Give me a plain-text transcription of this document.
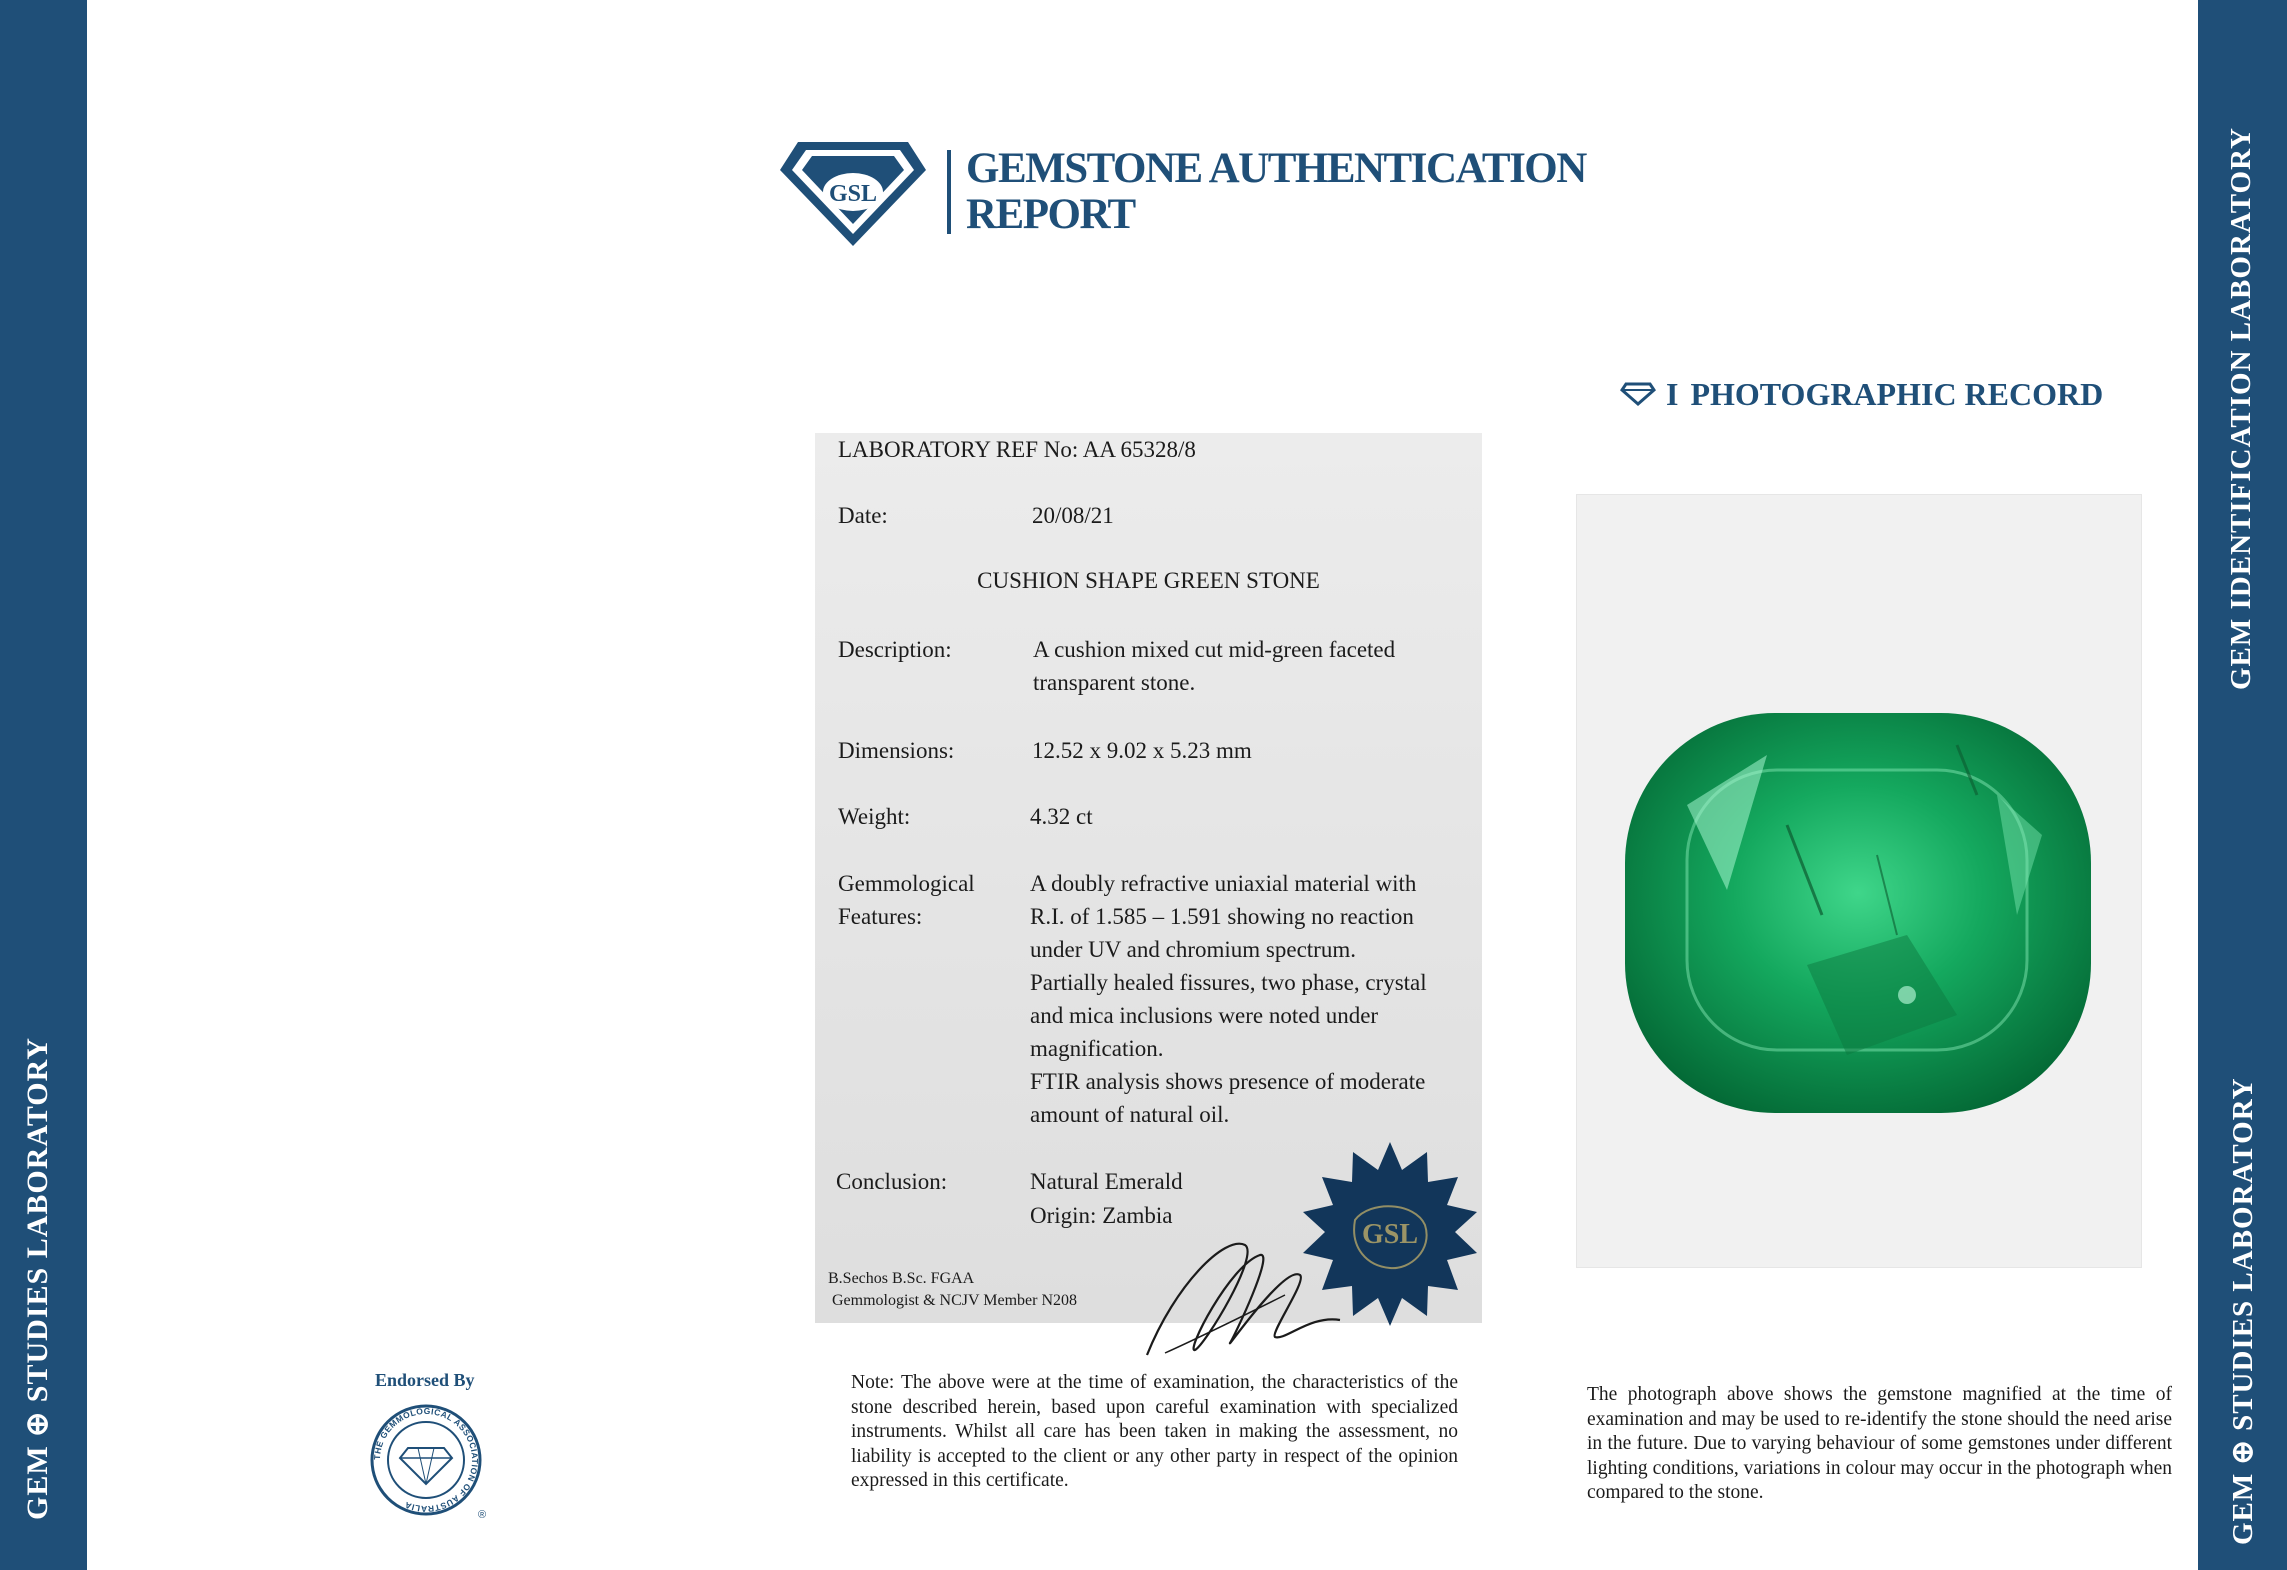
GEM ⊕ STUDIES LABORATORY
GEM IDENTIFICATION LABORATORY
GEM ⊕ STUDIES LABORATORY
GSL
GEMSTONE AUTHENTICATION
REPORT
I PHOTOGRAPHIC RECORD
LABORATORY REF No: AA 65328/8
Date:	20/08/21
CUSHION SHAPE GREEN STONE
Description:	A cushion mixed cut mid-green faceted
transparent stone.
Dimensions:	12.52 x 9.02 x 5.23 mm
Weight:	4.32 ct
Gemmological
Features:
A doubly refractive uniaxial material with
R.I. of 1.585 – 1.591 showing no reaction
under UV and chromium spectrum.
Partially healed fissures, two phase, crystal
and mica inclusions were noted under
magnification.
FTIR analysis shows presence of moderate
amount of natural oil.
Conclusion:	Natural Emerald
Origin: Zambia
B.Sechos B.Sc. FGAA
Gemmologist & NCJV Member N208
GSL
Note: The above were at the time of examination, the characteristics of the stone described herein, based upon careful examination with specialized instruments. Whilst all care has been taken in making the assessment, no liability is accepted to the client or any other party in respect of the opinion expressed in this certificate.
The photograph above shows the gemstone magnified at the time of examination and may be used to re-identify the stone should the need arise in the future. Due to varying behaviour of some gemstones under different lighting conditions, variations in colour may occur in the photograph when compared to the stone.
Endorsed By
THE GEMMOLOGICAL ASSOCIATION OF AUSTRALIA
®
